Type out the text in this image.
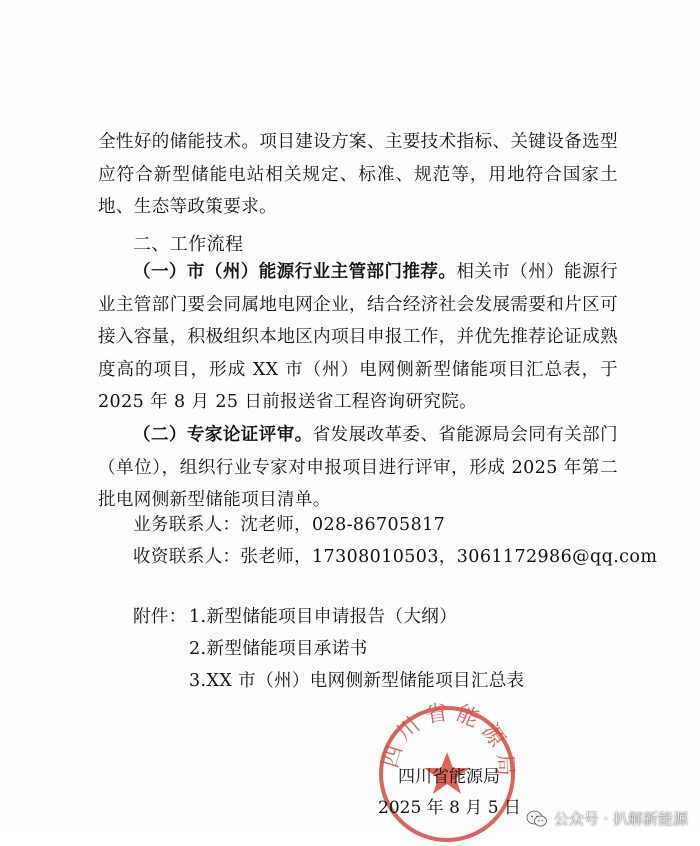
全性好的储能技术。项目建设方案、主要技术指标、关键设备选型应符合新型储能电站相关规定、标准、规范等，用地符合国家土地、生态等政策要求。
二、工作流程
（一）市（州）能源行业主管部门推荐。相关市（州）能源行业主管部门要会同属地电网企业，结合经济社会发展需要和片区可接入容量，积极组织本地区内项目申报工作，并优先推荐论证成熟度高的项目，形成 XX 市（州）电网侧新型储能项目汇总表，于 2025 年 8 月 25 日前报送省工程咨询研究院。
（二）专家论证评审。省发展改革委、省能源局会同有关部门（单位），组织行业专家对申报项目进行评审，形成 2025 年第二批电网侧新型储能项目清单。
业务联系人：沈老师，028-86705817
收资联系人：张老师，17308010503，3061172986@qq.com
附件： 1.新型储能项目申请报告（大纲）
2.新型储能项目承诺书
3.XX 市（州）电网侧新型储能项目汇总表
四川省能源局
四川省能源局
2025 年 8 月 5 日
公众号 · 扒解新能源
